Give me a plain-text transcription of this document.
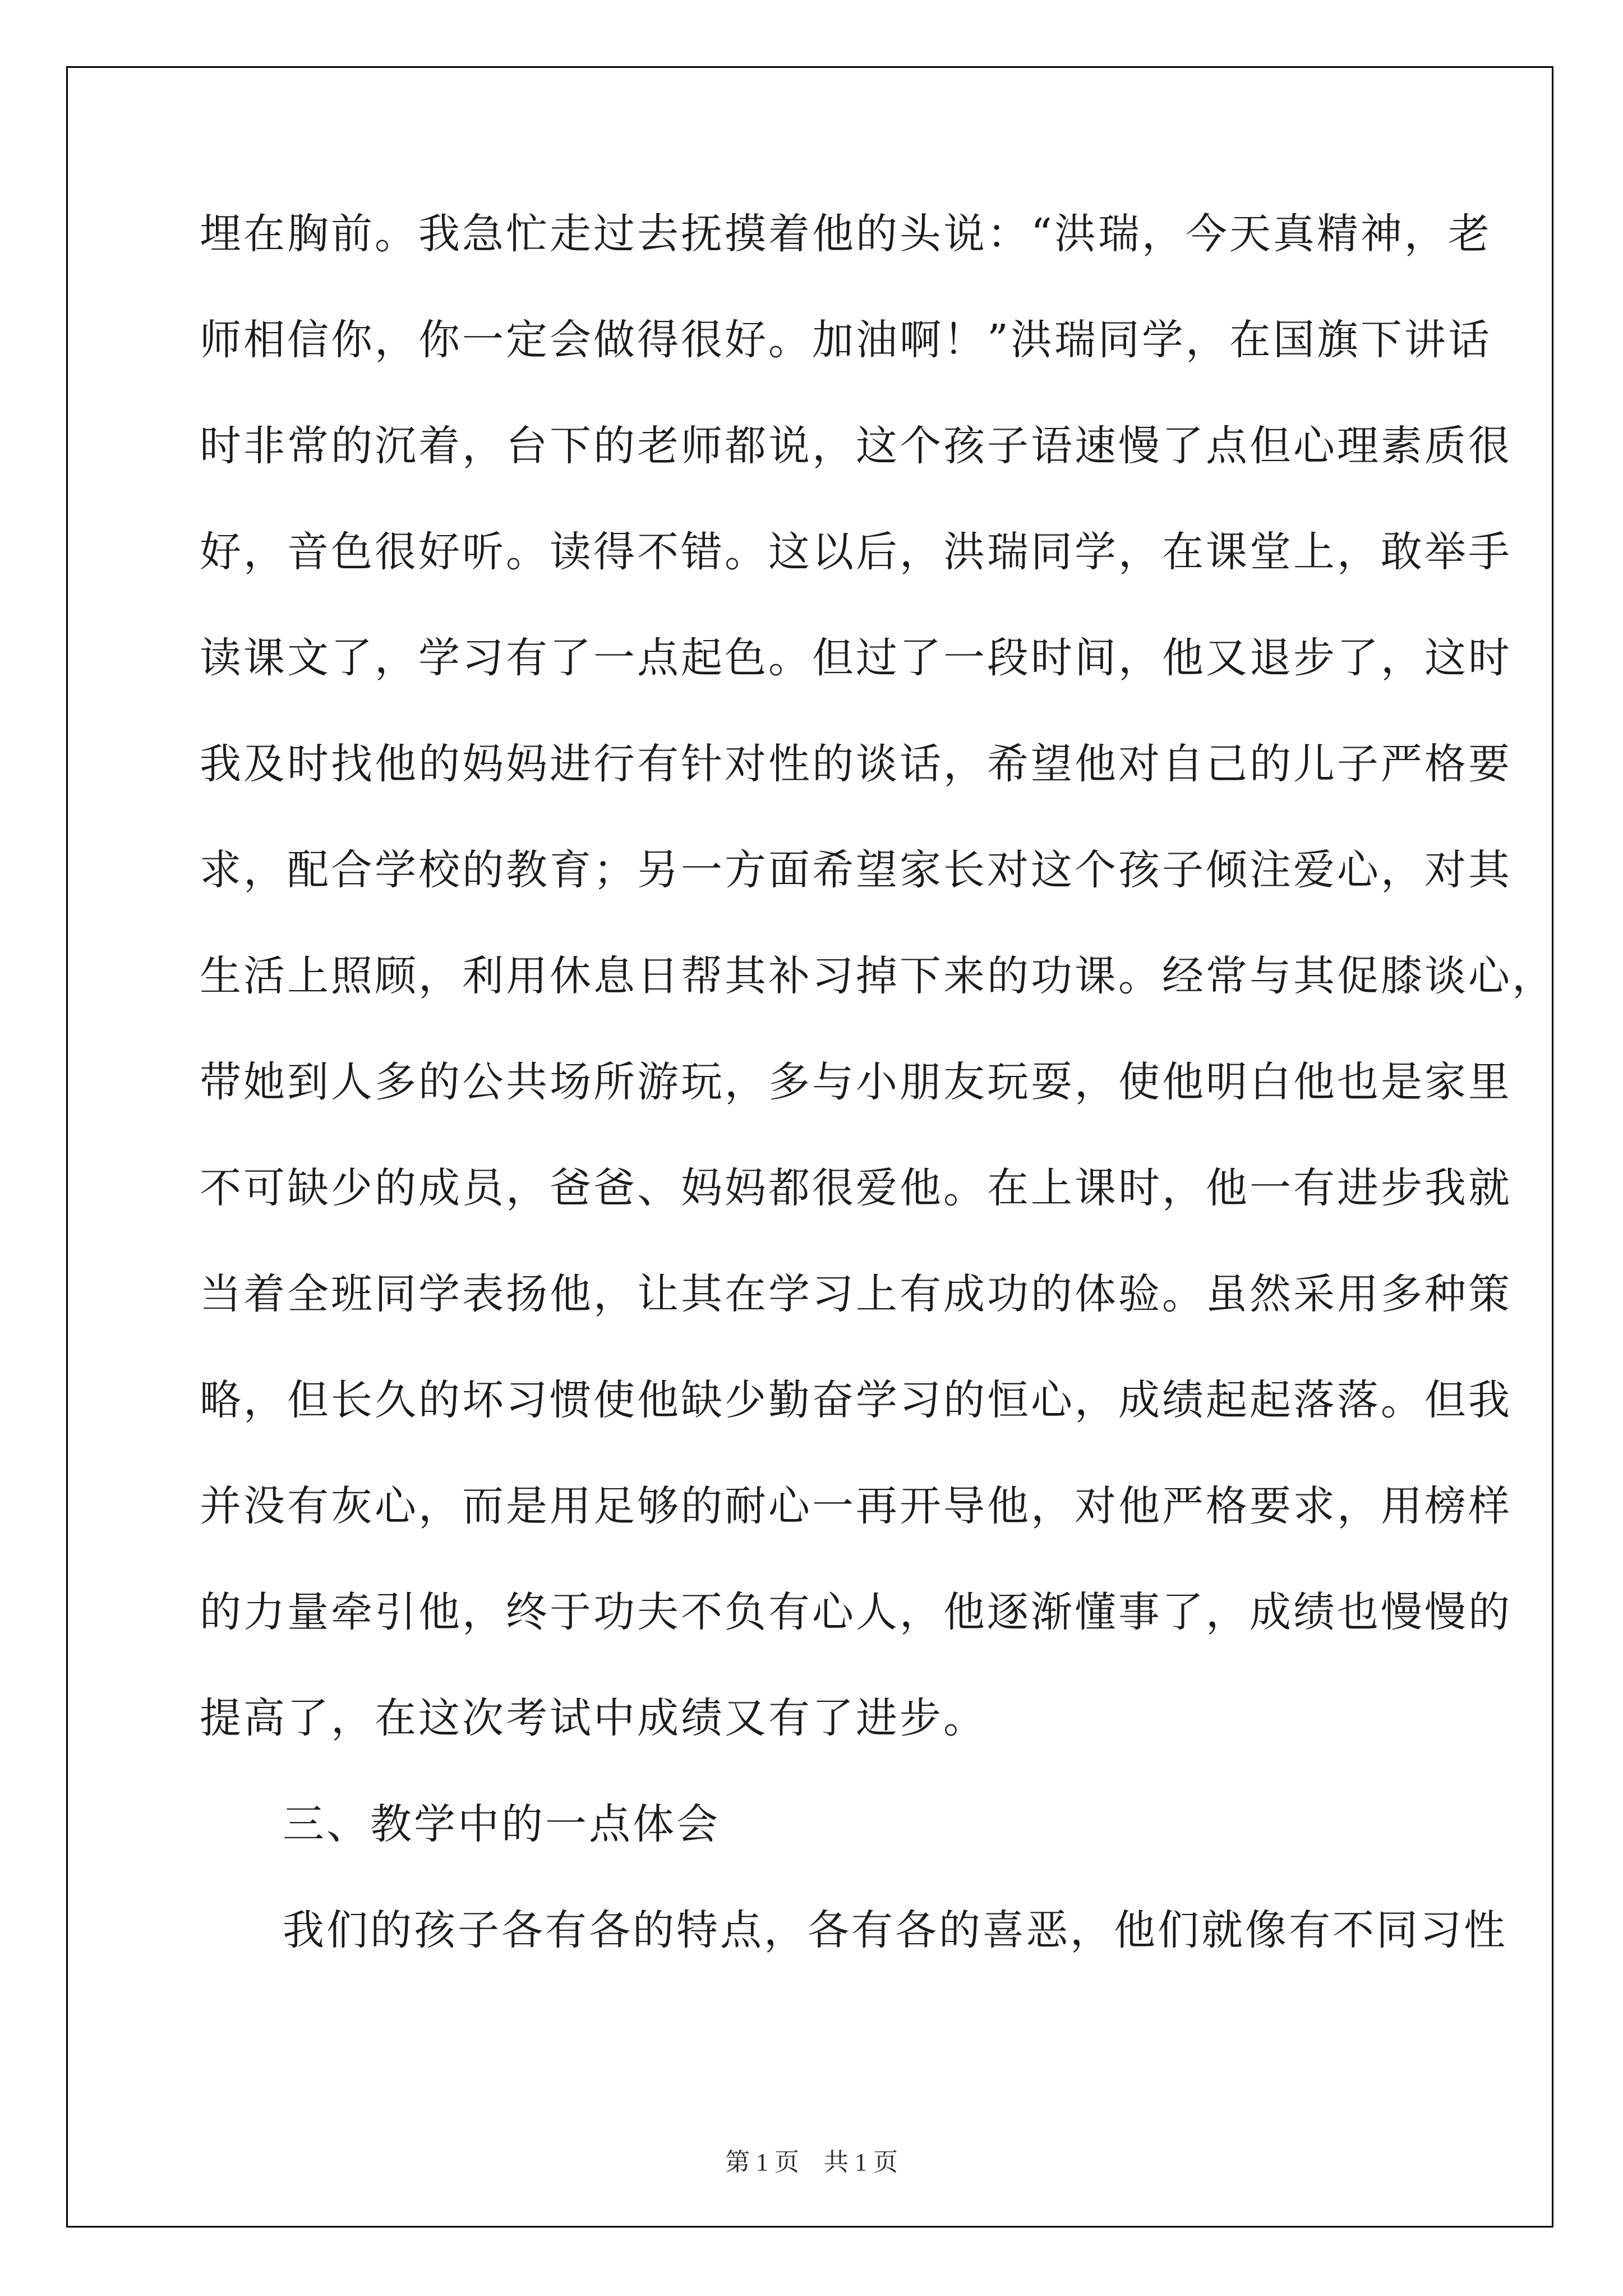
埋在胸前。我急忙走过去抚摸着他的头说：“洪瑞，今天真精神，老
师相信你，你一定会做得很好。加油啊！”洪瑞同学，在国旗下讲话
时非常的沉着，台下的老师都说，这个孩子语速慢了点但心理素质很
好，音色很好听。读得不错。这以后，洪瑞同学，在课堂上，敢举手
读课文了，学习有了一点起色。但过了一段时间，他又退步了，这时
我及时找他的妈妈进行有针对性的谈话，希望他对自己的儿子严格要
求，配合学校的教育；另一方面希望家长对这个孩子倾注爱心，对其
生活上照顾，利用休息日帮其补习掉下来的功课。经常与其促膝谈心，
带她到人多的公共场所游玩，多与小朋友玩耍，使他明白他也是家里
不可缺少的成员，爸爸、妈妈都很爱他。在上课时，他一有进步我就
当着全班同学表扬他，让其在学习上有成功的体验。虽然采用多种策
略，但长久的坏习惯使他缺少勤奋学习的恒心，成绩起起落落。但我
并没有灰心，而是用足够的耐心一再开导他，对他严格要求，用榜样
的力量牵引他，终于功夫不负有心人，他逐渐懂事了，成绩也慢慢的
提高了，在这次考试中成绩又有了进步。
三、教学中的一点体会
我们的孩子各有各的特点，各有各的喜恶，他们就像有不同习性
第 1 页    共 1 页
